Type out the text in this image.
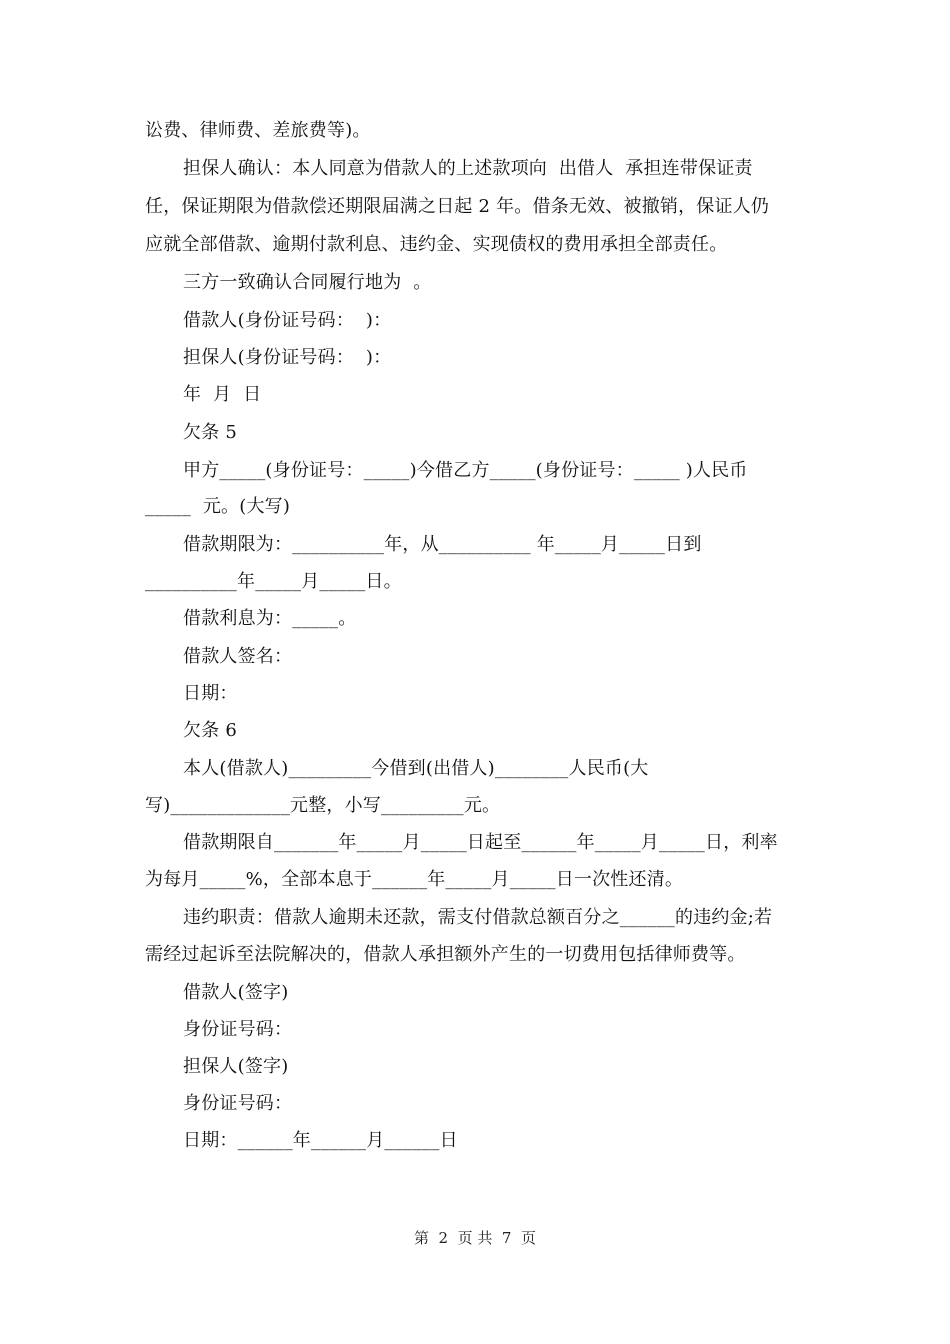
讼费、律师费、差旅费等)。
担保人确认：本人同意为借款人的上述款项向  出借人  承担连带保证责
任，保证期限为借款偿还期限届满之日起 2 年。借条无效、被撤销，保证人仍
应就全部借款、逾期付款利息、违约金、实现债权的费用承担全部责任。
三方一致确认合同履行地为  。
借款人(身份证号码：  )：
担保人(身份证号码：  )：
年  月  日
欠条 5
甲方_____(身份证号：_____)今借乙方_____(身份证号：_____ )人民币
_____  元。(大写)
借款期限为：__________年，从__________ 年_____月_____日到
__________年_____月_____日。
借款利息为：_____。
借款人签名：
日期：
欠条 6
本人(借款人)_________今借到(出借人)________人民币(大
写)_____________元整，小写_________元。
借款期限自_______年_____月_____日起至______年_____月_____日，利率
为每月_____%，全部本息于______年_____月_____日一次性还清。
违约职责：借款人逾期未还款，需支付借款总额百分之______的违约金;若
需经过起诉至法院解决的，借款人承担额外产生的一切费用包括律师费等。
借款人(签字)
身份证号码：
担保人(签字)
身份证号码：
日期：______年______月______日
第  2  页 共  7  页
